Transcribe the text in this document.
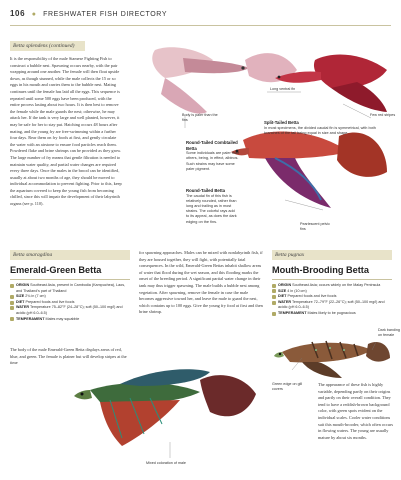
106 ● FRESHWATER FISH DIRECTORY
Betta splendens (continued)
It is the responsibility of the male Siamese Fighting Fish to construct a bubble nest. Spawning occurs nearby, with the pair wrapping around one another. The female will then float upside down, as though stunned, while the male collects the 15 or so eggs in his mouth and carries them to the bubble nest. Mating continues until the female has laid all the eggs. This sequence is repeated until some 500 eggs have been produced, with the entire process lasting about two hours. It is then best to remove the female while the male guards the nest; otherwise, he may attack her. If the tank is very large and well planted, however, it may be safe for her to stay put. Hatching occurs 48 hours after mating, and the young fry are free-swimming within a further four days. Rear them on fry foods at first, and gently circulate the water with an airstone to ensure food particles reach them. Powdered flake and brine shrimps can be provided as they grow. The large number of fry means that gentle filtration is needed to maintain water quality, and partial water changes are required every three days. Once the males in the brood can be identified, usually at about two months of age, they should be moved to individual accommodation to prevent fighting. Prior to this, keep the aquarium covered to keep the young fish from becoming chilled, since this will impair the development of their labyrinth organs (see p. 110).
Long ventral fin
Body is paler than the fins
Few red stripes
Round-Tailed Combtailed Betta
Some individuals are paler than others, being, in effect, albinos. Such strains may have some paler pigment.
Split-Tailed Betta
In most specimens, the divided caudal fin is symmetrical, with both branches of the tail being equal in size and shape.
Round-Tailed Betta
The caudal fin of this fish is relatively rounded, rather than long and trailing as in most strains. The colorful rays add to its appeal, as does the dark edging on the fins.
Pearlescent pelvic fins
Betta smaragdina
Emerald-Green Betta
ORIGIN Southeast Asia, present in Cambodia (Kampuchea), Laos, and Thailand's part of Thailand
SIZE 2¾ in (7 cm)
DIET Prepared foods and live foods
WATER Temperature 75–82°F (24–28°C); soft (50–100 mg/l) and acidic (pH 6.0–6.5)
TEMPERAMENT Males may squabble
The body of the male Emerald-Green Betta displays areas of red, blue, and green. The female is plainer but will develop stripes at the time
for spawning approaches. Males can be mixed with nonlabyrinth fish, if they are housed together, they will fight, with potentially fatal consequences. In the wild, Emerald-Green Bettas inhabit shallow areas of water that flood during the wet season, and this flooding marks the onset of the breeding period. A significant partial water change in their tank may thus trigger spawning. The male builds a bubble nest among vegetation. After spawning, remove the female in case the male becomes aggressive toward her, and leave the male to guard the nest, which contains up to 100 eggs. Give the young fry food at first and then brine shrimp.
Mixed coloration of male
Betta pugnax
Mouth-Brooding Betta
ORIGIN Southeast Asia; occurs widely on the Malay Peninsula
SIZE 4 in (10 cm)
DIET Prepared foods and live foods
WATER Temperature 72–79°F (22–26°C); soft (50–100 mg/l) and acidic (pH 6.0–6.5)
TEMPERAMENT Males likely to be pugnacious
Dark banding on female
Green edge on gill covers
The appearance of these fish is highly variable, depending partly on their origins and partly on their overall condition. They tend to have a reddish-brown background color, with green spots evident on the individual scales. Cooler water conditions suit this mouth-brooder, which often occurs in flowing waters. The young are usually mature by about six months.
